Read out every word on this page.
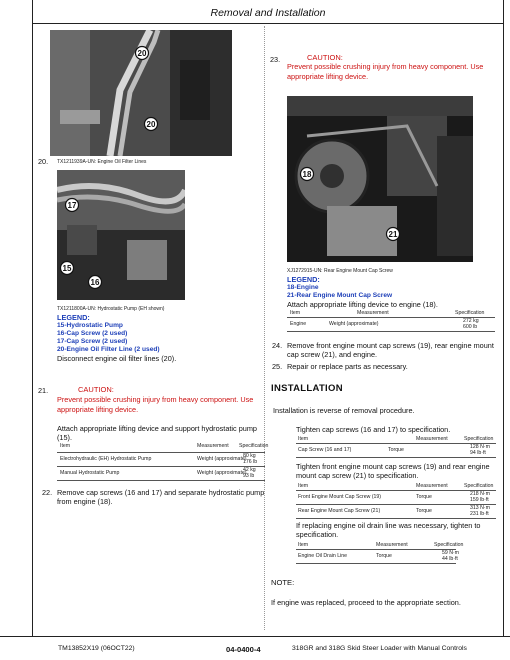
Removal and Installation
20
20
TX1211939A-UN: Engine Oil Filter Lines
20.
17
15
16
TX1211800A-UN: Hydrostatic Pump (EH shown)
LEGEND:
15-Hydrostatic Pump
16-Cap Screw (2 used)
17-Cap Screw (2 used)
20-Engine Oil Filter Line (2 used)
Disconnect engine oil filter lines (20).
21.	CAUTION:
Prevent possible crushing injury from heavy component. Use appropriate lifting device.
Attach appropriate lifting device and support hydrostatic pump (15).
Item	Measurement Specification
Electrohydraulic (EH) Hydrostatic Pump	Weight (approximate)
80 kg
176 lb
Manual Hydrostatic Pump	Weight (approximate)
42 kg
93 lb
22. Remove cap screws (16 and 17) and separate hydrostatic pump from engine (18).
23.	CAUTION:
Prevent possible crushing injury from heavy component. Use appropriate lifting device.
18
21
XJ1272915-UN: Rear Engine Mount Cap Screw
LEGEND:
18-Engine
21-Rear Engine Mount Cap Screw
Attach appropriate lifting device to engine (18).
Item	Measurement	Specification
Engine	Weight (approximate)	272 kg
600 lb
24. Remove front engine mount cap screws (19), rear engine mount cap screw (21), and engine.
25. Repair or replace parts as necessary.
INSTALLATION
Installation is reverse of removal procedure.
Tighten cap screws (16 and 17) to specification.
Item	Measurement	Specification
Cap Screw (16 and 17)	Torque	128 N·m
94 lb·ft
Tighten front engine mount cap screws (19) and rear engine mount cap screw (21) to specification.
Item	Measurement	Specification
Front Engine Mount Cap Screw (19)	Torque	218 N·m
159 lb·ft
Rear Engine Mount Cap Screw (21)	Torque	313 N·m
231 lb·ft
If replacing engine oil drain line was necessary, tighten to specification.
Item	Measurement	Specification
Engine Oil Drain Line	Torque	59 N·m
44 lb·ft
NOTE:
If engine was replaced, proceed to the appropriate section.
TM13852X19 (06OCT22)	04-0400-4	318GR and 318G Skid Steer Loader with Manual Controls
